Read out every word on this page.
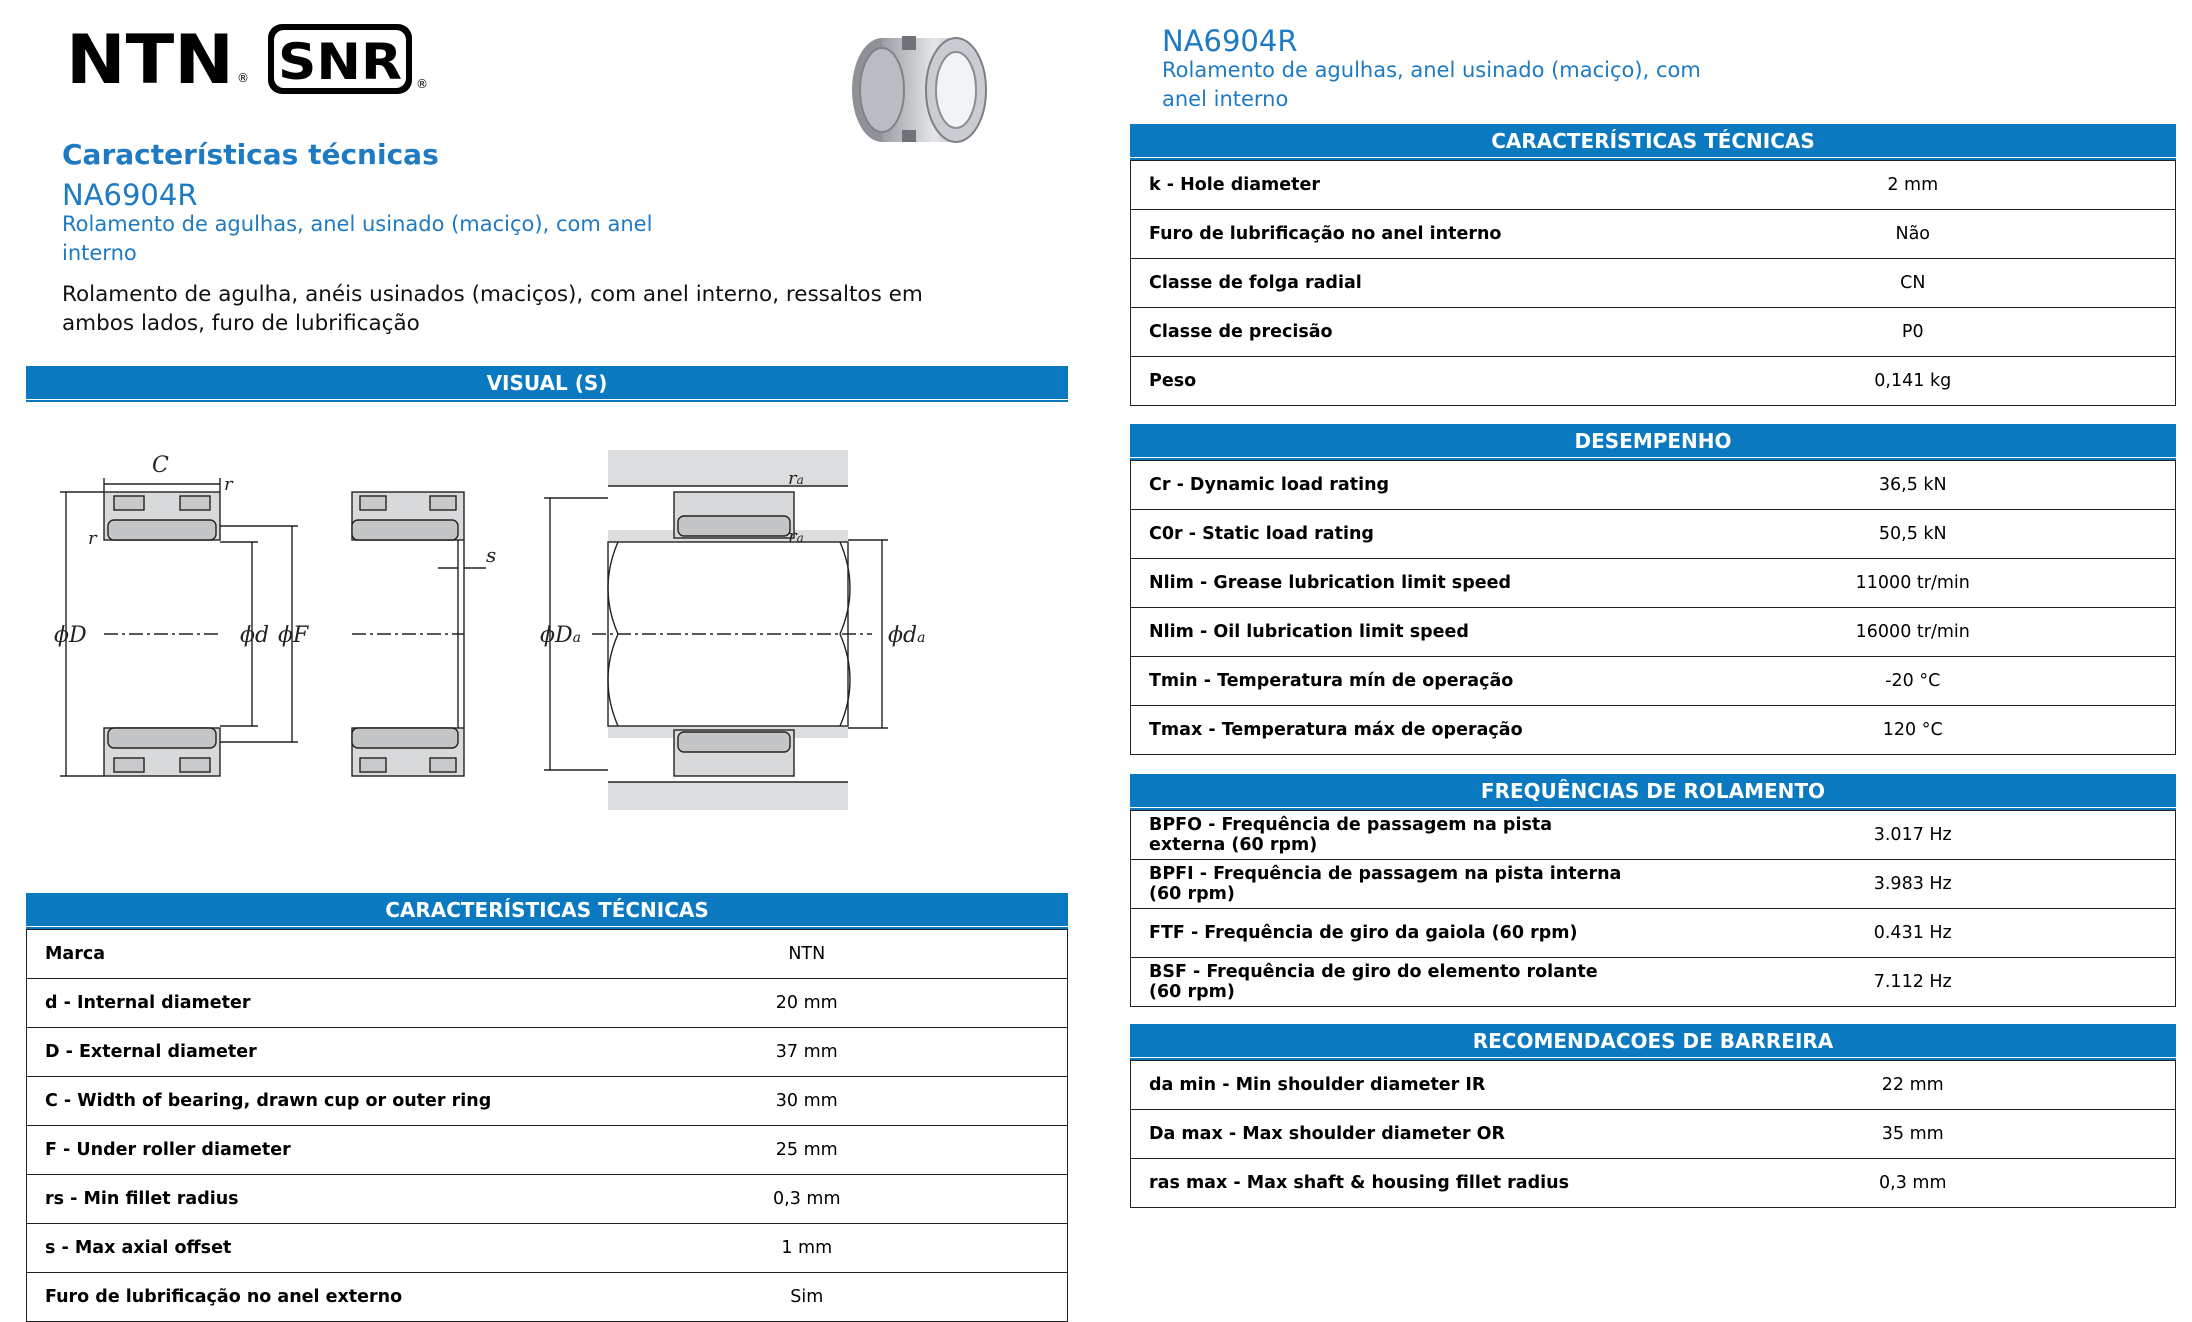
NTN ® SNR ®
Características técnicas
NA6904R
Rolamento de agulhas, anel usinado (maciço), com anel interno
Rolamento de agulha, anéis usinados (maciços), com anel interno, ressaltos em ambos lados, furo de lubrificação
NA6904R
Rolamento de agulhas, anel usinado (maciço), com anel interno
VISUAL (S)
C
r
r
ϕD	ϕd ϕF
s
ra
ra
ϕDa	ϕda
CARACTERÍSTICAS TÉCNICAS
Marca	NTN
d - Internal diameter	20 mm
D - External diameter	37 mm
C - Width of bearing, drawn cup or outer ring	30 mm
F - Under roller diameter	25 mm
rs - Min fillet radius	0,3 mm
s - Max axial offset	1 mm
Furo de lubrificação no anel externo	Sim
CARACTERÍSTICAS TÉCNICAS
k - Hole diameter	2 mm
Furo de lubrificação no anel interno	Não
Classe de folga radial	CN
Classe de precisão	P0
Peso	0,141 kg
DESEMPENHO
Cr - Dynamic load rating	36,5 kN
C0r - Static load rating	50,5 kN
Nlim - Grease lubrication limit speed	11000 tr/min
Nlim - Oil lubrication limit speed	16000 tr/min
Tmin - Temperatura mín de operação	-20 °C
Tmax - Temperatura máx de operação	120 °C
FREQUÊNCIAS DE ROLAMENTO
BPFO - Frequência de passagem na pista externa (60 rpm)	3.017 Hz
BPFI - Frequência de passagem na pista interna (60 rpm)	3.983 Hz
FTF - Frequência de giro da gaiola (60 rpm)	0.431 Hz
BSF - Frequência de giro do elemento rolante (60 rpm)	7.112 Hz
RECOMENDACOES DE BARREIRA
da min - Min shoulder diameter IR	22 mm
Da max - Max shoulder diameter OR	35 mm
ras max - Max shaft & housing fillet radius	0,3 mm
